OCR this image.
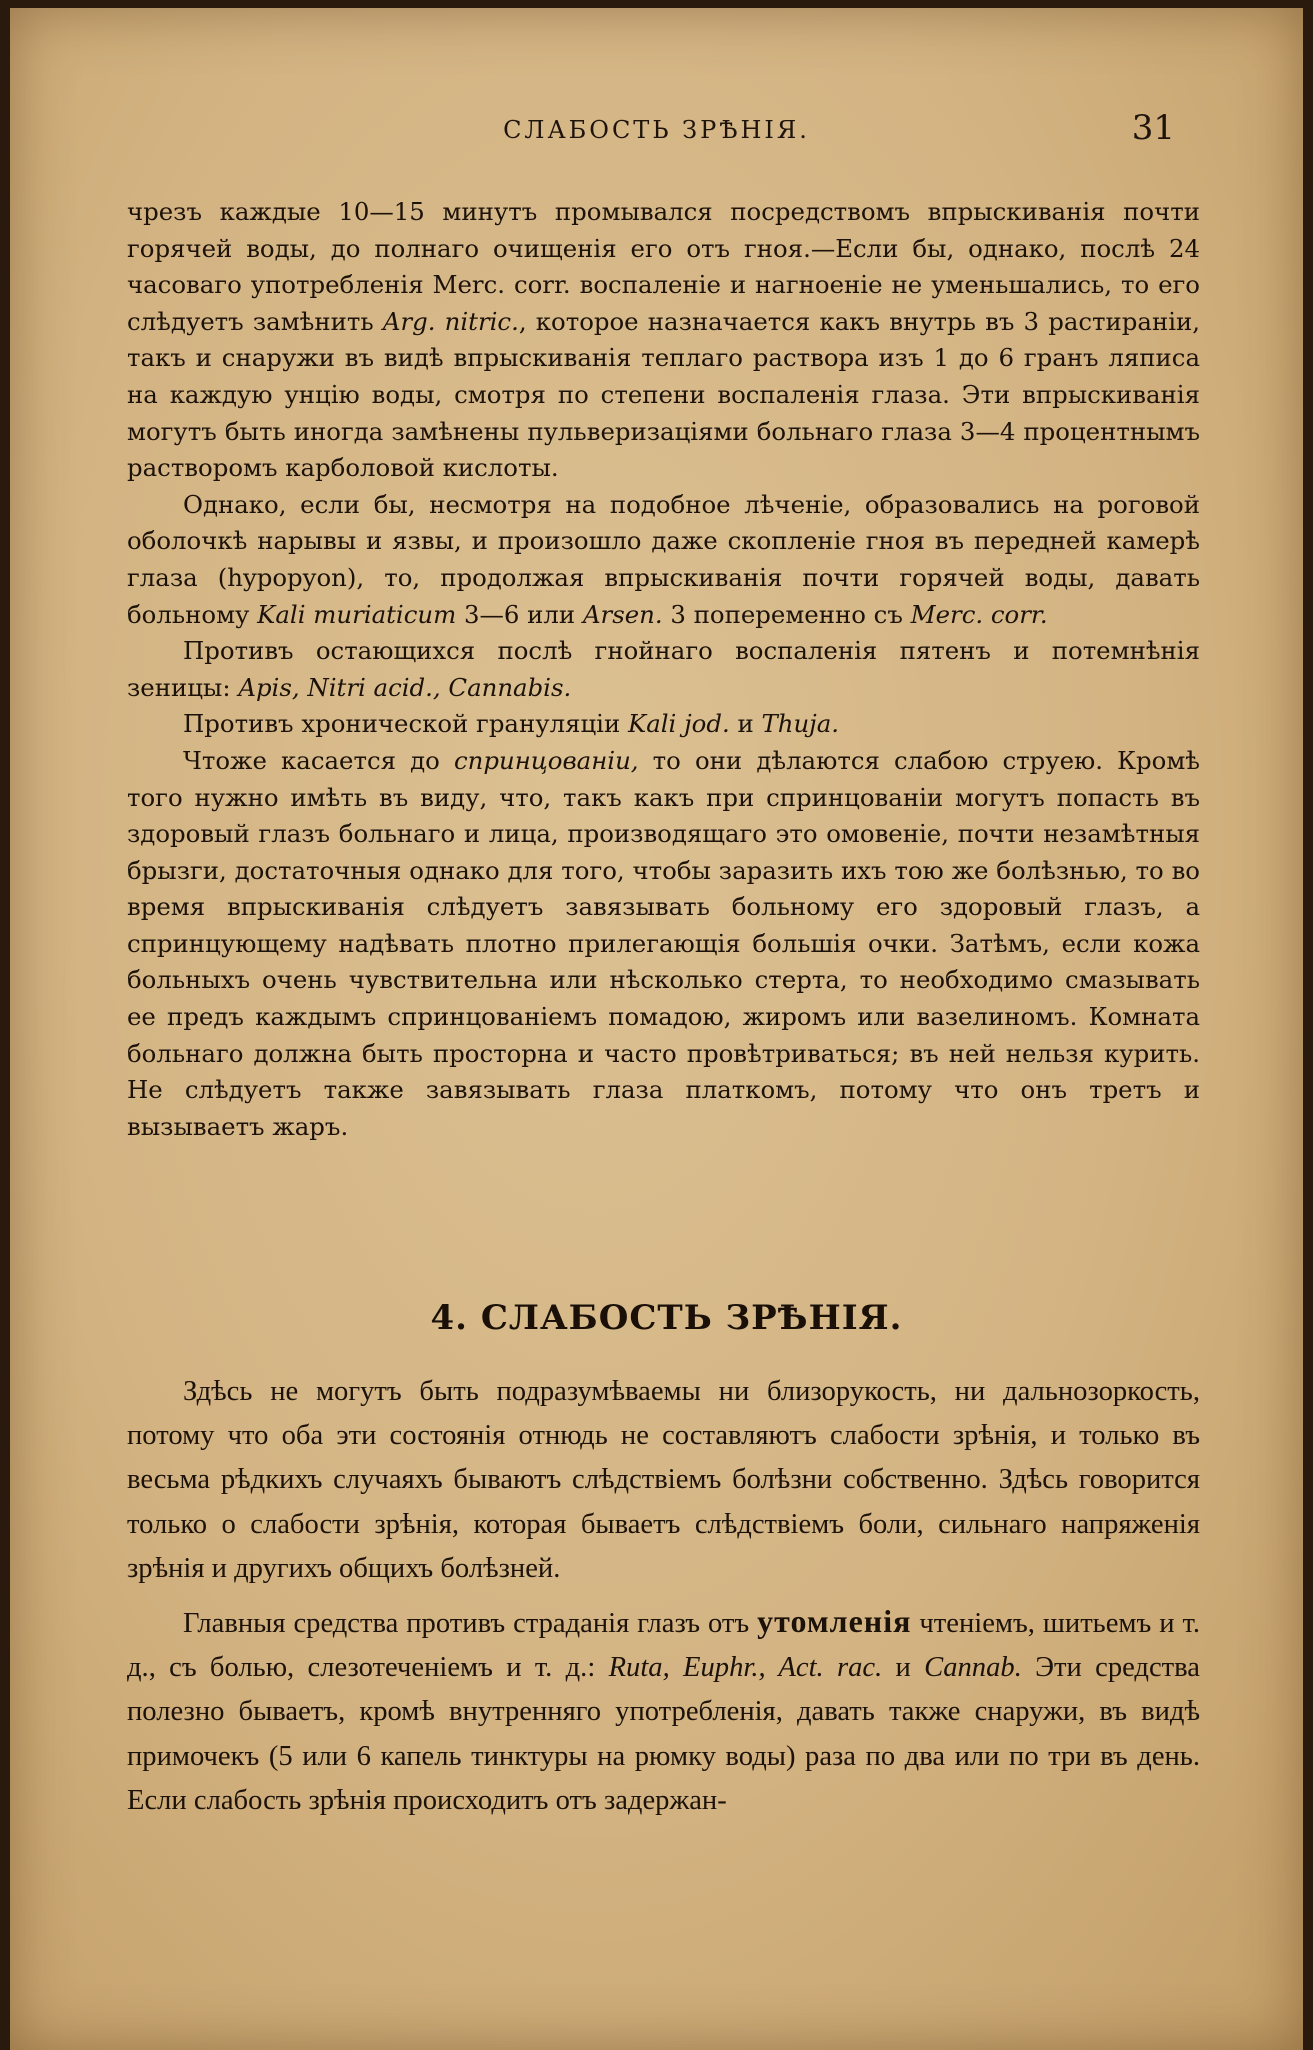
СЛАБОСТЬ ЗРѢНІЯ.	31

чрезъ каждые 10—15 минутъ промывался посредствомъ впрыскиванія почти горячей воды, до полнаго очищенія его отъ гноя.—Если бы, однако, послѣ 24 часоваго употребленія Merc. corr. воспаленіе и нагноеніе не уменьшались, то его слѣдуетъ замѣнить Arg. nitric., которое назначается какъ внутрь въ 3 растираніи, такъ и снаружи въ видѣ впрыскиванія теплаго раствора изъ 1 до 6 гранъ ляписа на каждую унцію воды, смотря по степени воспаленія глаза. Эти впрыскиванія могутъ быть иногда замѣнены пульверизаціями больнаго глаза 3—4 процентнымъ растворомъ карболовой кислоты.

Однако, если бы, несмотря на подобное лѣченіе, образовались на роговой оболочкѣ нарывы и язвы, и произошло даже скопленіе гноя въ передней камерѣ глаза (hypopyon), то, продолжая впрыскиванія почти горячей воды, давать больному Kali muriaticum 3—6 или Arsen. 3 попеременно съ Merc. corr.

Противъ остающихся послѣ гнойнаго воспаленія пятенъ и потемнѣнія зеницы: Apis, Nitri acid., Cannabis.

Противъ хронической грануляціи Kali jod. и Thuja.

Чтоже касается до спринцованіи, то они дѣлаются слабою струею. Кромѣ того нужно имѣть въ виду, что, такъ какъ при спринцованіи могутъ попасть въ здоровый глазъ больнаго и лица, производящаго это омовеніе, почти незамѣтныя брызги, достаточныя однако для того, чтобы заразить ихъ тою же болѣзнью, то во время впрыскиванія слѣдуетъ завязывать больному его здоровый глазъ, а спринцующему надѣвать плотно прилегающія большія очки. Затѣмъ, если кожа больныхъ очень чувствительна или нѣсколько стерта, то необходимо смазывать ее предъ каждымъ спринцованіемъ помадою, жиромъ или вазелиномъ. Комната больнаго должна быть просторна и часто провѣтриваться; въ ней нельзя курить. Не слѣдуетъ также завязывать глаза платкомъ, потому что онъ третъ и вызываетъ жаръ.

4. СЛАБОСТЬ ЗРѢНІЯ.

Здѣсь не могутъ быть подразумѣваемы ни близорукость, ни дальнозоркость, потому что оба эти состоянія отнюдь не составляютъ слабости зрѣнія, и только въ весьма рѣдкихъ случаяхъ бываютъ слѣдствіемъ болѣзни собственно. Здѣсь говорится только о слабости зрѣнія, которая бываетъ слѣдствіемъ боли, сильнаго напряженія зрѣнія и другихъ общихъ болѣзней.

Главныя средства противъ страданія глазъ отъ утомленія чтеніемъ, шитьемъ и т. д., съ болью, слезотеченіемъ и т. д.: Ruta, Euphr., Act. rac. и Cannab. Эти средства полезно бываетъ, кромѣ внутренняго употребленія, давать также снаружи, въ видѣ примочекъ (5 или 6 капель тинктуры на рюмку воды) раза по два или по три въ день. Если слабость зрѣнія происходитъ отъ задержан-
